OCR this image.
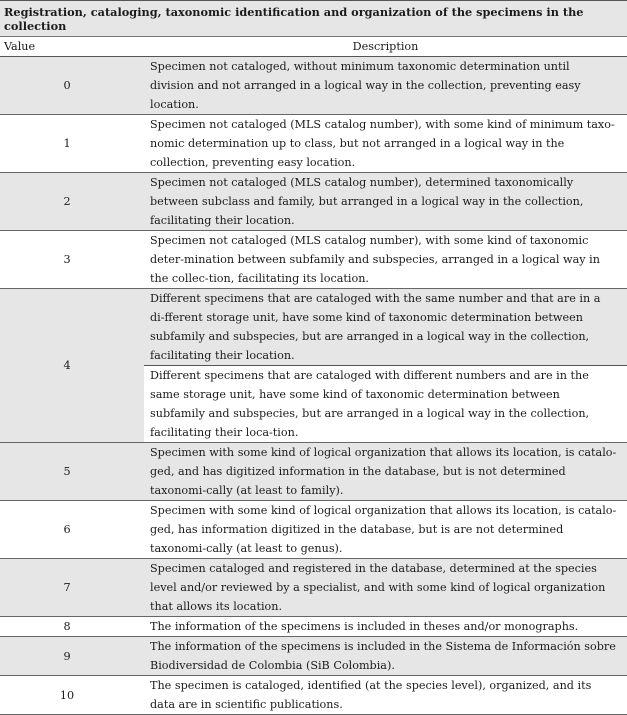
Registration, cataloging, taxonomic identification and organization of the specimens in the collection	
Value	Description
0	Specimen not cataloged, without minimum taxonomic determination until division and not arranged in a logical way in the collection, preventing easy location.
1	Specimen not cataloged (MLS catalog number), with some kind of minimum taxo-nomic determination up to class, but not arranged in a logical way in the collection, preventing easy location.
2	Specimen not cataloged (MLS catalog number), determined taxonomically between subclass and family, but arranged in a logical way in the collection, facilitating their location.
3	Specimen not cataloged (MLS catalog number), with some kind of taxonomic deter-mination between subfamily and subspecies, arranged in a logical way in the collec-tion, facilitating its location.
4	Different specimens that are cataloged with the same number and that are in a di-fferent storage unit, have some kind of taxonomic determination between subfamily and subspecies, but are arranged in a logical way in the collection, facilitating their location.
	Different specimens that are cataloged with different numbers and are in the same storage unit, have some kind of taxonomic determination between subfamily and subspecies, but are arranged in a logical way in the collection, facilitating their loca-tion.
5	Specimen with some kind of logical organization that allows its location, is catalo-ged, and has digitized information in the database, but is not determined taxonomi-cally (at least to family).
6	Specimen with some kind of logical organization that allows its location, is catalo-ged, has information digitized in the database, but is are not determined taxonomi-cally (at least to genus).
7	Specimen cataloged and registered in the database, determined at the species level and/or reviewed by a specialist, and with some kind of logical organization that allows its location.
8	The information of the specimens is included in theses and/or monographs.
9	The information of the specimens is included in the Sistema de Información sobre Biodiversidad de Colombia (SiB Colombia).
10	The specimen is cataloged, identified (at the species level), organized, and its data are in scientific publications.
